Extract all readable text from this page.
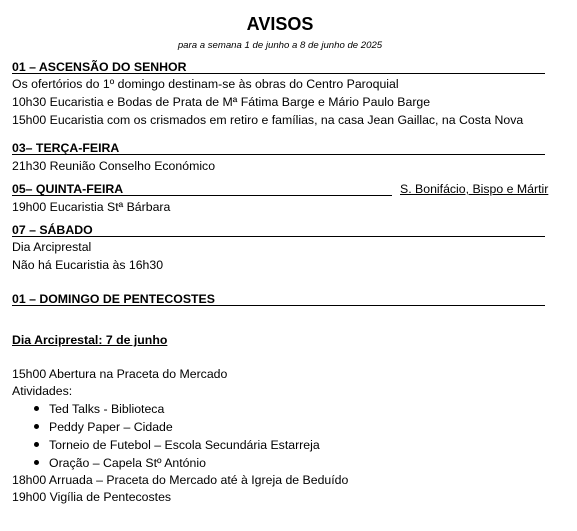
AVISOS
para a semana 1 de junho a 8 de junho de 2025
01 – ASCENSÃO DO SENHOR
Os ofertórios do 1º domingo destinam-se às obras do Centro Paroquial
10h30 Eucaristia e Bodas de Prata de Mª Fátima Barge e Mário Paulo Barge
15h00 Eucaristia com os crismados em retiro e famílias, na casa Jean Gaillac, na Costa Nova
03– TERÇA-FEIRA
21h30 Reunião Conselho Económico
05– QUINTA-FEIRA	S. Bonifácio, Bispo e Mártir
19h00 Eucaristia Stª Bárbara
07 – SÁBADO
Dia Arciprestal
Não há Eucaristia às 16h30
01 – DOMINGO DE PENTECOSTES
Dia Arciprestal: 7 de junho
15h00 Abertura na Praceta do Mercado
Atividades:
Ted Talks - Biblioteca
Peddy Paper – Cidade
Torneio de Futebol – Escola Secundária Estarreja
Oração – Capela Stº António
18h00 Arruada – Praceta do Mercado até à Igreja de Beduído
19h00 Vigília de Pentecostes
